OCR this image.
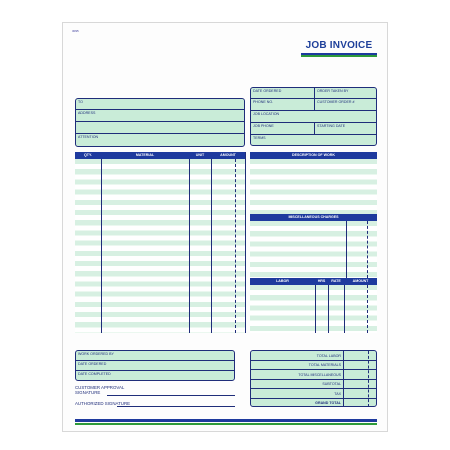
3095
JOB INVOICE
DATE ORDERED	ORDER TAKEN BY
PHONE NO.	CUSTOMER ORDER #
JOB LOCATION
JOB PHONE	STARTING DATE
TERMS
TO
ADDRESS
ATTENTION
QTY.	MATERIAL	UNIT	AMOUNT	DESCRIPTION OF WORK
MISCELLANEOUS CHARGES
LABOR	HRS	RATE	AMOUNT
WORK ORDERED BY
DATE ORDERED
DATE COMPLETED
CUSTOMER APPROVAL
SIGNATURE
AUTHORIZED SIGNATURE
TOTAL LABOR
TOTAL MATERIALS
TOTAL MISCELLANEOUS
SUBTOTAL
TAX
GRAND TOTAL
